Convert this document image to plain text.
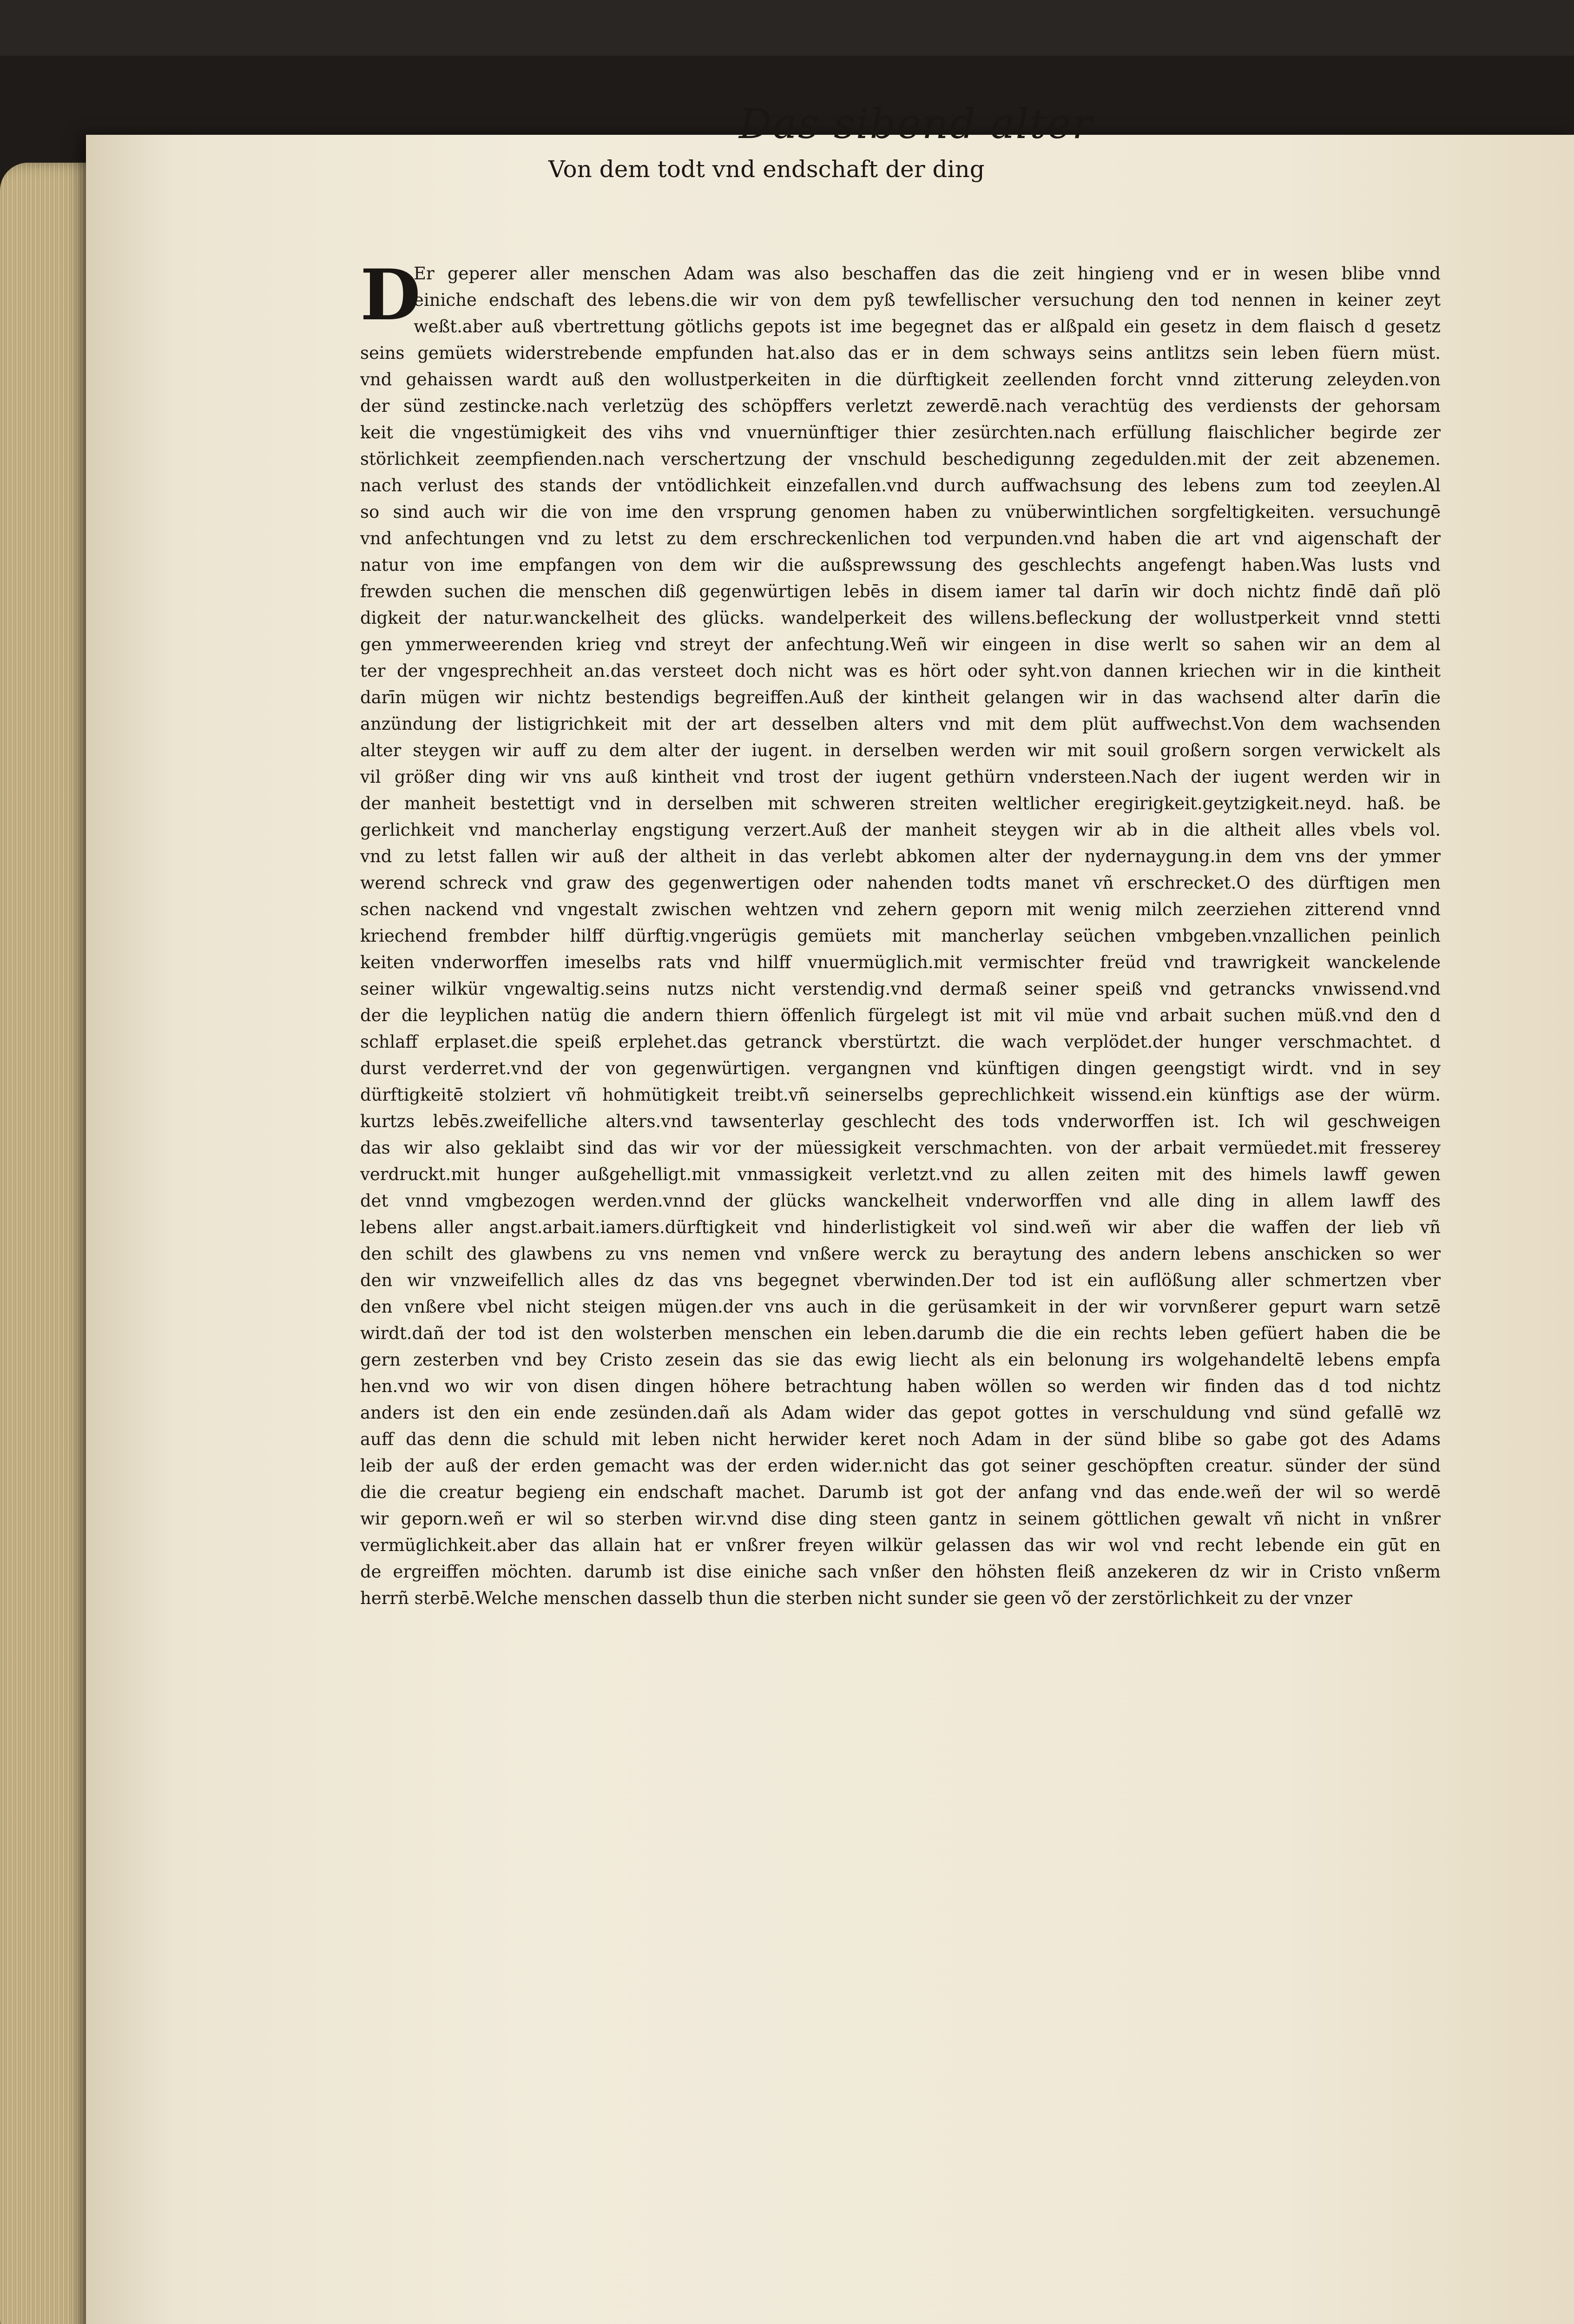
Das sibend alter
Von dem todt vnd endschaft der ding
D
Er geperer aller menschen Adam was also beschaffen das die zeit hingieng vnd er in wesen blibe vnnd
einiche endschaft des lebens.die wir von dem pyß tewfellischer versuchung den tod nennen in keiner zeyt
weßt.aber auß vbertrettung götlichs gepots ist ime begegnet das er alßpald ein gesetz in dem flaisch d gesetz
seins gemüets widerstrebende empfunden hat.also das er in dem schways seins antlitzs sein leben füern müst.
vnd gehaissen wardt auß den wollustperkeiten in die dürftigkeit zeellenden forcht vnnd zitterung zeleyden.von
der sünd zestincke.nach verletzüg des schöpffers verletzt zewerdē.nach verachtüg des verdiensts der gehorsam
keit die vngestümigkeit des vihs vnd vnuernünftiger thier zesürchten.nach erfüllung flaischlicher begirde zer
störlichkeit zeempfienden.nach verschertzung der vnschuld beschedigunng zegedulden.mit der zeit abzenemen.
nach verlust des stands der vntödlichkeit einzefallen.vnd durch auffwachsung des lebens zum tod zeeylen.Al
so sind auch wir die von ime den vrsprung genomen haben zu vnüberwintlichen sorgfeltigkeiten. versuchungē
vnd anfechtungen vnd zu letst zu dem erschreckenlichen tod verpunden.vnd haben die art vnd aigenschaft der
natur von ime empfangen von dem wir die außsprewssung des geschlechts angefengt haben.Was lusts vnd
frewden suchen die menschen diß gegenwürtigen lebēs in disem iamer tal darīn wir doch nichtz findē dañ plö
digkeit der natur.wanckelheit des glücks. wandelperkeit des willens.befleckung der wollustperkeit vnnd stetti
gen ymmerweerenden krieg vnd streyt der anfechtung.Weñ wir eingeen in dise werlt so sahen wir an dem al
ter der vngesprechheit an.das versteet doch nicht was es hört oder syht.von dannen kriechen wir in die kintheit
darīn mügen wir nichtz bestendigs begreiffen.Auß der kintheit gelangen wir in das wachsend alter darīn die
anzündung der listigrichkeit mit der art desselben alters vnd mit dem plüt auffwechst.Von dem wachsenden
alter steygen wir auff zu dem alter der iugent. in derselben werden wir mit souil großern sorgen verwickelt als
vil größer ding wir vns auß kintheit vnd trost der iugent gethürn vndersteen.Nach der iugent werden wir in
der manheit bestettigt vnd in derselben mit schweren streiten weltlicher eregirigkeit.geytzigkeit.neyd. haß. be
gerlichkeit vnd mancherlay engstigung verzert.Auß der manheit steygen wir ab in die altheit alles vbels vol.
vnd zu letst fallen wir auß der altheit in das verlebt abkomen alter der nydernaygung.in dem vns der ymmer
werend schreck vnd graw des gegenwertigen oder nahenden todts manet vñ erschrecket.O des dürftigen men
schen nackend vnd vngestalt zwischen wehtzen vnd zehern geporn mit wenig milch zeerziehen zitterend vnnd
kriechend frembder hilff dürftig.vngerügis gemüets mit mancherlay seüchen vmbgeben.vnzallichen peinlich
keiten vnderworffen imeselbs rats vnd hilff vnuermüglich.mit vermischter freüd vnd trawrigkeit wanckelende
seiner wilkür vngewaltig.seins nutzs nicht verstendig.vnd dermaß seiner speiß vnd getrancks vnwissend.vnd
der die leyplichen natüg die andern thiern öffenlich fürgelegt ist mit vil müe vnd arbait suchen müß.vnd den d
schlaff erplaset.die speiß erplehet.das getranck vberstürtzt. die wach verplödet.der hunger verschmachtet. d
durst verderret.vnd der von gegenwürtigen. vergangnen vnd künftigen dingen geengstigt wirdt. vnd in sey
dürftigkeitē stolziert vñ hohmütigkeit treibt.vñ seinerselbs geprechlichkeit wissend.ein künftigs ase der würm.
kurtzs lebēs.zweifelliche alters.vnd tawsenterlay geschlecht des tods vnderworffen ist. Ich wil geschweigen
das wir also geklaibt sind das wir vor der müessigkeit verschmachten. von der arbait vermüedet.mit fresserey
verdruckt.mit hunger außgehelligt.mit vnmassigkeit verletzt.vnd zu allen zeiten mit des himels lawff gewen
det vnnd vmgbezogen werden.vnnd der glücks wanckelheit vnderworffen vnd alle ding in allem lawff des
lebens aller angst.arbait.iamers.dürftigkeit vnd hinderlistigkeit vol sind.weñ wir aber die waffen der lieb vñ
den schilt des glawbens zu vns nemen vnd vnßere werck zu beraytung des andern lebens anschicken so wer
den wir vnzweifellich alles dz das vns begegnet vberwinden.Der tod ist ein auflößung aller schmertzen vber
den vnßere vbel nicht steigen mügen.der vns auch in die gerüsamkeit in der wir vorvnßerer gepurt warn setzē
wirdt.dañ der tod ist den wolsterben menschen ein leben.darumb die die ein rechts leben gefüert haben die be
gern zesterben vnd bey Cristo zesein das sie das ewig liecht als ein belonung irs wolgehandeltē lebens empfa
hen.vnd wo wir von disen dingen höhere betrachtung haben wöllen so werden wir finden das d tod nichtz
anders ist den ein ende zesünden.dañ als Adam wider das gepot gottes in verschuldung vnd sünd gefallē wz
auff das denn die schuld mit leben nicht herwider keret noch Adam in der sünd blibe so gabe got des Adams
leib der auß der erden gemacht was der erden wider.nicht das got seiner geschöpften creatur. sünder der sünd
die die creatur begieng ein endschaft machet. Darumb ist got der anfang vnd das ende.weñ der wil so werdē
wir geporn.weñ er wil so sterben wir.vnd dise ding steen gantz in seinem göttlichen gewalt vñ nicht in vnßrer
vermüglichkeit.aber das allain hat er vnßrer freyen wilkür gelassen das wir wol vnd recht lebende ein gūt en
de ergreiffen möchten. darumb ist dise einiche sach vnßer den höhsten fleiß anzekeren dz wir in Cristo vnßerm
herrñ sterbē.Welche menschen dasselb thun die sterben nicht sunder sie geen võ der zerstörlichkeit zu der vnzer
